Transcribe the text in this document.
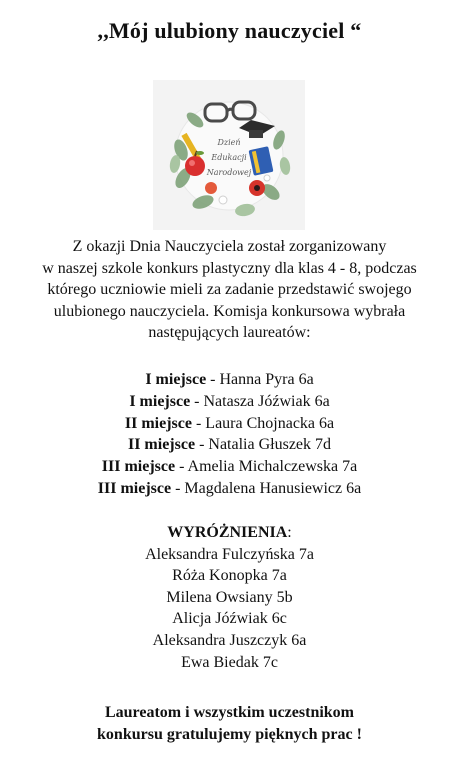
,,Mój ulubiony nauczyciel “
Dzień
Edukacji
Narodowej
Z okazji Dnia Nauczyciela został zorganizowany
w naszej szkole konkurs plastyczny dla klas 4 - 8, podczas
którego uczniowie mieli za zadanie przedstawić swojego
ulubionego nauczyciela. Komisja konkursowa wybrała
następujących laureatów:
I miejsce - Hanna Pyra 6a
I miejsce - Natasza Jóźwiak 6a
II miejsce - Laura Chojnacka 6a
II miejsce - Natalia Głuszek 7d
III miejsce - Amelia Michalczewska 7a
III miejsce - Magdalena Hanusiewicz 6a
WYRÓŻNIENIA:
Aleksandra Fulczyńska 7a
Róża Konopka 7a
Milena Owsiany 5b
Alicja Jóźwiak 6c
Aleksandra Juszczyk 6a
Ewa Biedak 7c
Laureatom i wszystkim uczestnikom
konkursu gratulujemy pięknych prac !
